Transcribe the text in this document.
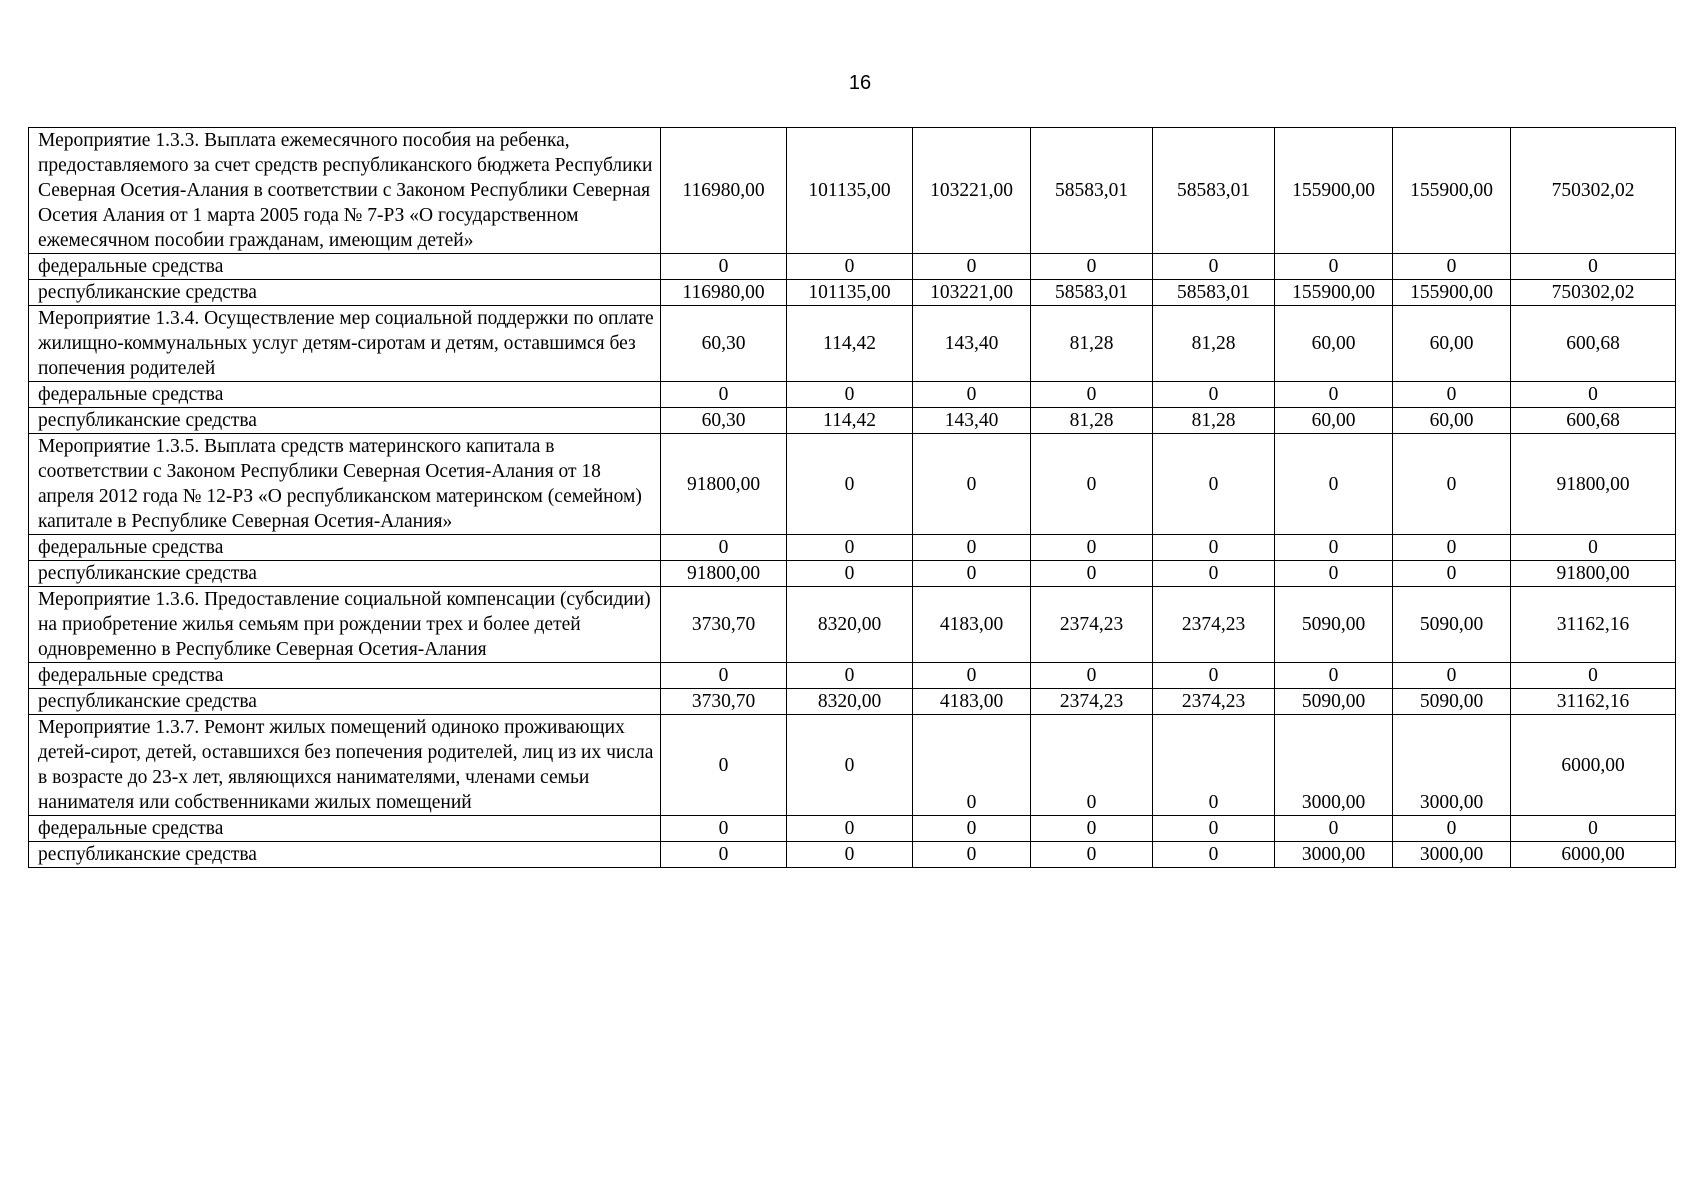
16
Мероприятие 1.3.3. Выплата ежемесячного пособия на ребенка, предоставляемого за счет средств республиканского бюджета Республики Северная Осетия-Алания в соответствии с Законом Республики Северная Осетия Алания от 1 марта 2005 года № 7-РЗ «О государственном ежемесячном пособии гражданам, имеющим детей»	116980,00	101135,00	103221,00	58583,01	58583,01	155900,00	155900,00	750302,02
федеральные средства	0	0	0	0	0	0	0	0
республиканские средства	116980,00	101135,00	103221,00	58583,01	58583,01	155900,00	155900,00	750302,02
Мероприятие 1.3.4. Осуществление мер социальной поддержки по оплате жилищно-коммунальных услуг детям-сиротам и детям, оставшимся без попечения родителей	60,30	114,42	143,40	81,28	81,28	60,00	60,00	600,68
федеральные средства	0	0	0	0	0	0	0	0
республиканские средства	60,30	114,42	143,40	81,28	81,28	60,00	60,00	600,68
Мероприятие 1.3.5. Выплата средств материнского капитала в соответствии с Законом Республики Северная Осетия-Алания от 18 апреля 2012 года № 12-РЗ «О республиканском материнском (семейном) капитале в Республике Северная Осетия-Алания»	91800,00	0	0	0	0	0	0	91800,00
федеральные средства	0	0	0	0	0	0	0	0
республиканские средства	91800,00	0	0	0	0	0	0	91800,00
Мероприятие 1.3.6. Предоставление социальной компенсации (субсидии) на приобретение жилья семьям при рождении трех и более детей одновременно в Республике Северная Осетия-Алания	3730,70	8320,00	4183,00	2374,23	2374,23	5090,00	5090,00	31162,16
федеральные средства	0	0	0	0	0	0	0	0
республиканские средства	3730,70	8320,00	4183,00	2374,23	2374,23	5090,00	5090,00	31162,16
Мероприятие 1.3.7. Ремонт жилых помещений одиноко проживающих детей-сирот, детей, оставшихся без попечения родителей, лиц из их числа в возрасте до 23-х лет, являющихся нанимателями, членами семьи нанимателя или собственниками жилых помещений	0	0	0	0	0	3000,00	3000,00	6000,00
федеральные средства	0	0	0	0	0	0	0	0
республиканские средства	0	0	0	0	0	3000,00	3000,00	6000,00
